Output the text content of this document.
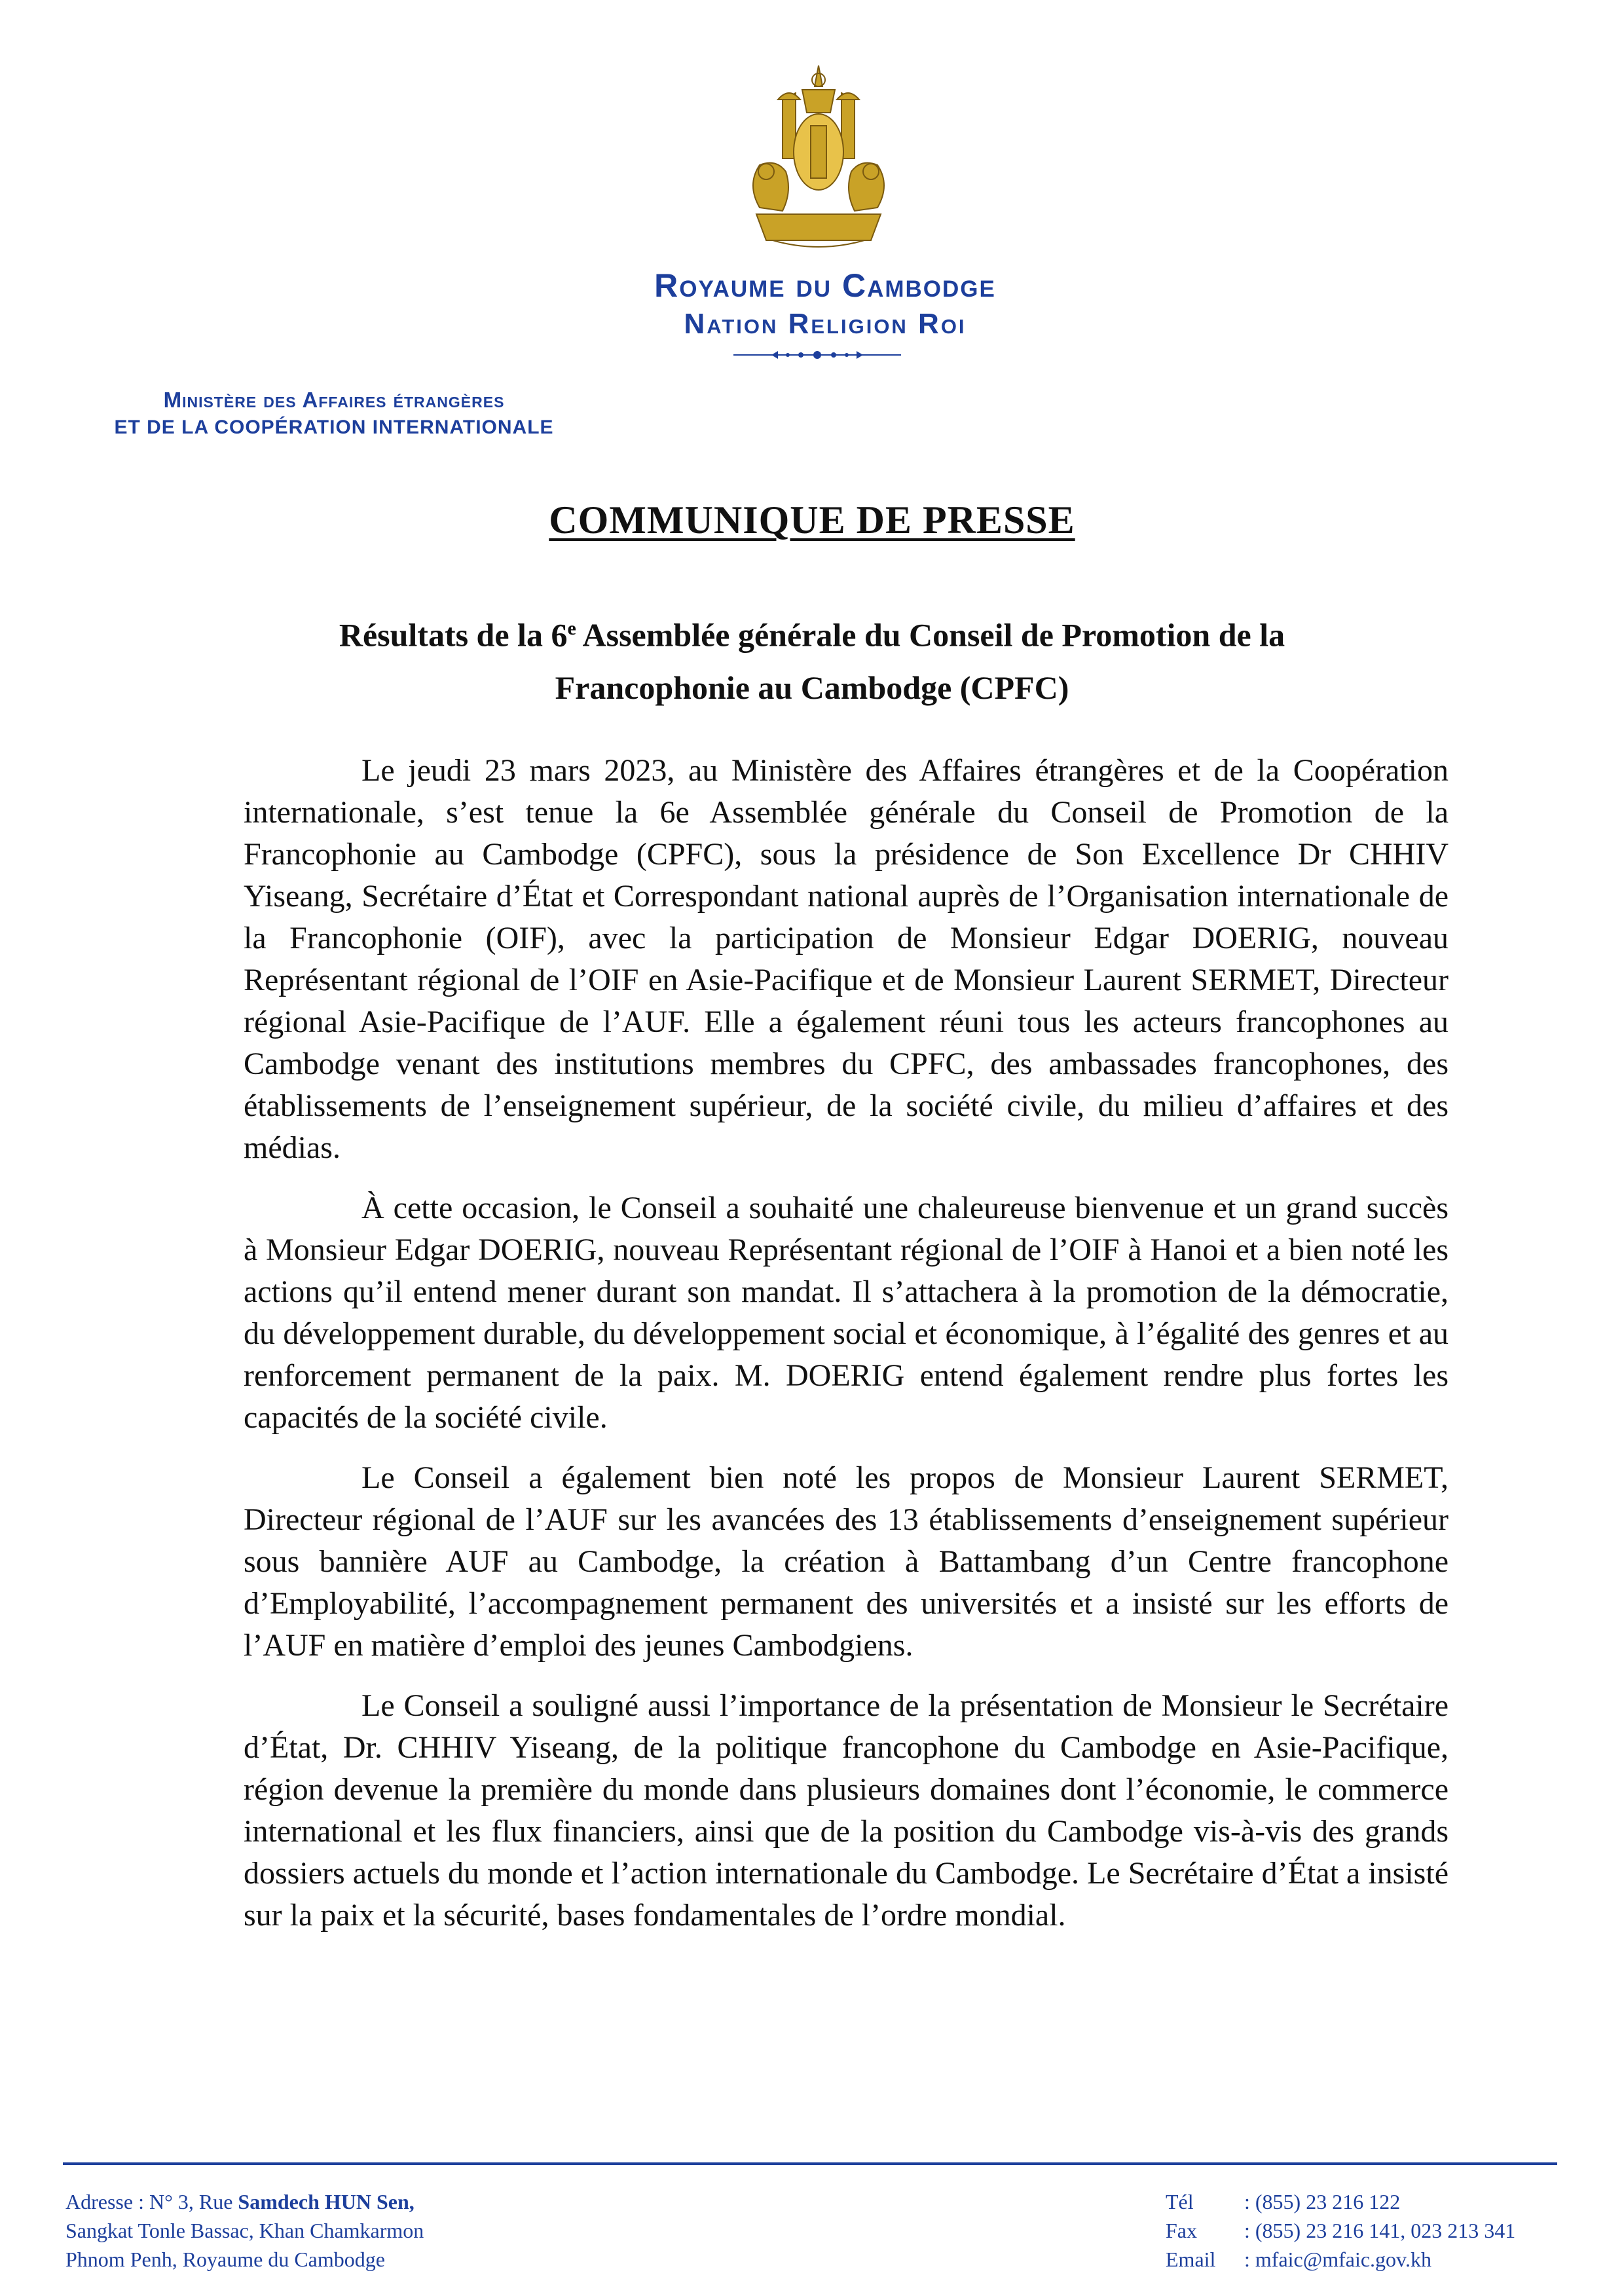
Royaume du Cambodge
Nation Religion Roi
Ministère des Affaires étrangères
ET DE LA COOPÉRATION INTERNATIONALE
COMMUNIQUE DE PRESSE
Résultats de la 6e Assemblée générale du Conseil de Promotion de la
Francophonie au Cambodge (CPFC)

Le jeudi 23 mars 2023, au Ministère des Affaires étrangères et de la Coopération internationale, s’est tenue la 6e Assemblée générale du Conseil de Promotion de la Francophonie au Cambodge (CPFC), sous la présidence de Son Excellence Dr CHHIV Yiseang, Secrétaire d’État et Correspondant national auprès de l’Organisation internationale de la Francophonie (OIF), avec la participation de Monsieur Edgar DOERIG, nouveau Représentant régional de l’OIF en Asie-Pacifique et de Monsieur Laurent SERMET, Directeur régional Asie-Pacifique de l’AUF. Elle a également réuni tous les acteurs francophones au Cambodge venant des institutions membres du CPFC, des ambassades francophones, des établissements de l’enseignement supérieur, de la société civile, du milieu d’affaires et des médias.

À cette occasion, le Conseil a souhaité une chaleureuse bienvenue et un grand succès à Monsieur Edgar DOERIG, nouveau Représentant régional de l’OIF à Hanoi et a bien noté les actions qu’il entend mener durant son mandat. Il s’attachera à la promotion de la démocratie, du développement durable, du développement social et économique, à l’égalité des genres et au renforcement permanent de la paix. M. DOERIG entend également rendre plus fortes les capacités de la société civile.

Le Conseil a également bien noté les propos de Monsieur Laurent SERMET, Directeur régional de l’AUF sur les avancées des 13 établissements d’enseignement supérieur sous bannière AUF au Cambodge, la création à Battambang d’un Centre francophone d’Employabilité, l’accompagnement permanent des universités et a insisté sur les efforts de l’AUF en matière d’emploi des jeunes Cambodgiens.

Le Conseil a souligné aussi l’importance de la présentation de Monsieur le Secrétaire d’État, Dr. CHHIV Yiseang, de la politique francophone du Cambodge en Asie-Pacifique, région devenue la première du monde dans plusieurs domaines dont l’économie, le commerce international et les flux financiers, ainsi que de la position du Cambodge vis-à-vis des grands dossiers actuels du monde et l’action internationale du Cambodge. Le Secrétaire d’État a insisté sur la paix et la sécurité, bases fondamentales de l’ordre mondial.

Adresse : N° 3, Rue Samdech HUN Sen,
Sangkat Tonle Bassac, Khan Chamkarmon
Phnom Penh, Royaume du Cambodge
Tél : (855) 23 216 122
Fax : (855) 23 216 141, 023 213 341
Email : mfaic@mfaic.gov.kh
